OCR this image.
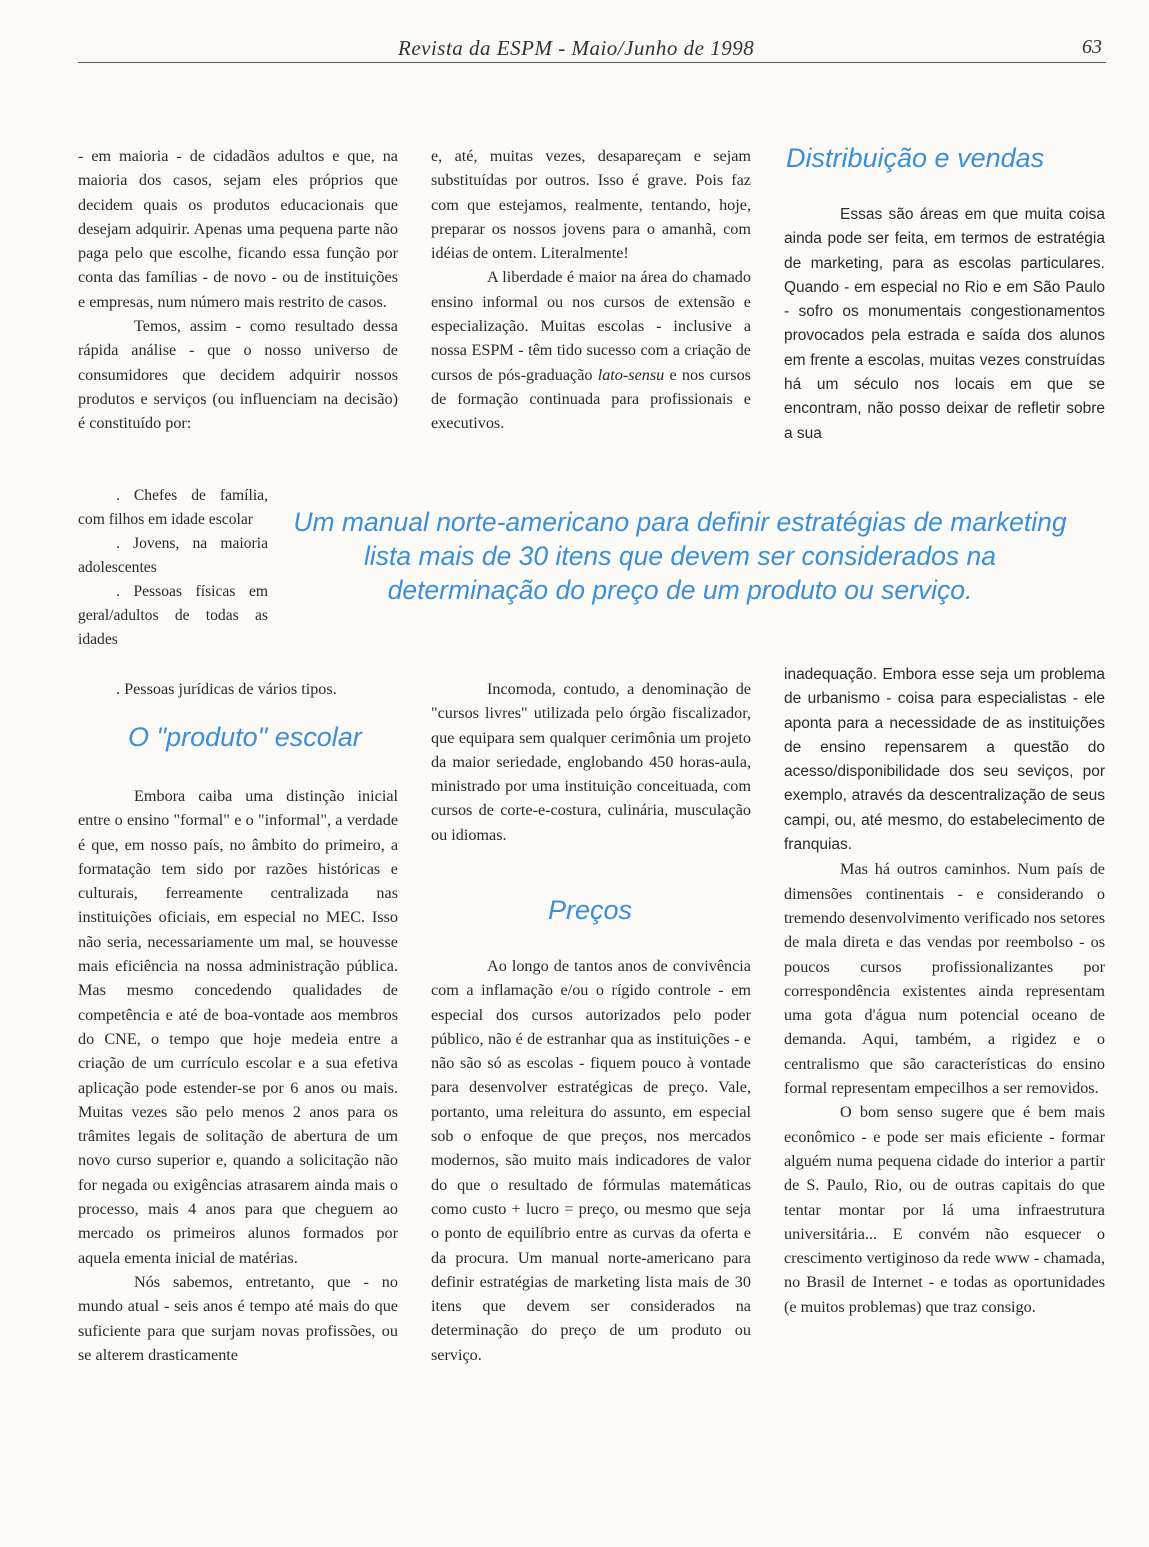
Revista da ESPM - Maio/Junho de 1998	63

- em maioria - de cidadãos adultos e que, na maioria dos casos, sejam eles próprios que decidem quais os produtos educacionais que desejam adquirir. Apenas uma pequena parte não paga pelo que escolhe, ficando essa função por conta das famílias - de novo - ou de instituições e empresas, num número mais restrito de casos.

Temos, assim - como resultado dessa rápida análise - que o nosso universo de consumidores que decidem adquirir nossos produtos e serviços (ou influenciam na decisão) é constituído por:

. Chefes de família, com filhos em idade escolar

. Jovens, na maioria adolescentes

. Pessoas físicas em geral/adultos de todas as idades

. Pessoas jurídicas de vários tipos.

O "produto" escolar

Embora caiba uma distinção inicial entre o ensino "formal" e o "informal", a verdade é que, em nosso país, no âmbito do primeiro, a formatação tem sido por razões históricas e culturais, ferreamente centralizada nas instituições oficiais, em especial no MEC. Isso não seria, necessariamente um mal, se houvesse mais eficiência na nossa administração pública. Mas mesmo concedendo qualidades de competência e até de boa-vontade aos membros do CNE, o tempo que hoje medeia entre a criação de um currículo escolar e a sua efetiva aplicação pode estender-se por 6 anos ou mais. Muitas vezes são pelo menos 2 anos para os trâmites legais de solitação de abertura de um novo curso superior e, quando a solicitação não for negada ou exigências atrasarem ainda mais o processo, mais 4 anos para que cheguem ao mercado os primeiros alunos formados por aquela ementa inicial de matérias.

Nós sabemos, entretanto, que - no mundo atual - seis anos é tempo até mais do que suficiente para que surjam novas profissões, ou se alterem drasticamente

e, até, muitas vezes, desapareçam e sejam substituídas por outros. Isso é grave. Pois faz com que estejamos, realmente, tentando, hoje, preparar os nossos jovens para o amanhã, com idéias de ontem. Literalmente!

A liberdade é maior na área do chamado ensino informal ou nos cursos de extensão e especialização. Muitas escolas - inclusive a nossa ESPM - têm tido sucesso com a criação de cursos de pós-graduação lato-sensu e nos cursos de formação continuada para profissionais e executivos.

Um manual norte-americano para definir estratégias de marketing lista mais de 30 itens que devem ser considerados na determinação do preço de um produto ou serviço.

Incomoda, contudo, a denominação de "cursos livres" utilizada pelo órgão fiscalizador, que equipara sem qualquer cerimônia um projeto da maior seriedade, englobando 450 horas-aula, ministrado por uma instituição conceituada, com cursos de corte-e-costura, culinária, musculação ou idiomas.

Preços

Ao longo de tantos anos de convivência com a inflamação e/ou o rígido controle - em especial dos cursos autorizados pelo poder público, não é de estranhar qua as instituições - e não são só as escolas - fiquem pouco à vontade para desenvolver estratégicas de preço. Vale, portanto, uma releitura do assunto, em especial sob o enfoque de que preços, nos mercados modernos, são muito mais indicadores de valor do que o resultado de fórmulas matemáticas como custo + lucro = preço, ou mesmo que seja o ponto de equilíbrio entre as curvas da oferta e da procura. Um manual norte-americano para definir estratégias de marketing lista mais de 30 itens que devem ser considerados na determinação do preço de um produto ou serviço.

Distribuição e vendas

Essas são áreas em que muita coisa ainda pode ser feita, em termos de estratégia de marketing, para as escolas particulares. Quando - em especial no Rio e em São Paulo - sofro os monumentais congestionamentos provocados pela estrada e saída dos alunos em frente a escolas, muitas vezes construídas há um século nos locais em que se encontram, não posso deixar de refletir sobre a sua

inadequação. Embora esse seja um problema de urbanismo - coisa para especialistas - ele aponta para a necessidade de as instituições de ensino repensarem a questão do acesso/disponibilidade dos seu seviços, por exemplo, através da descentralização de seus campi, ou, até mesmo, do estabelecimento de franquias.

Mas há outros caminhos. Num país de dimensões continentais - e considerando o tremendo desenvolvimento verificado nos setores de mala direta e das vendas por reembolso - os poucos cursos profissionalizantes por correspondência existentes ainda representam uma gota d'água num potencial oceano de demanda. Aqui, também, a rigidez e o centralismo que são características do ensino formal representam empecilhos a ser removidos.

O bom senso sugere que é bem mais econômico - e pode ser mais eficiente - formar alguém numa pequena cidade do interior a partir de S. Paulo, Rio, ou de outras capitais do que tentar montar por lá uma infraestrutura universitária... E convém não esquecer o crescimento vertiginoso da rede www - chamada, no Brasil de Internet - e todas as oportunidades (e muitos problemas) que traz consigo.
